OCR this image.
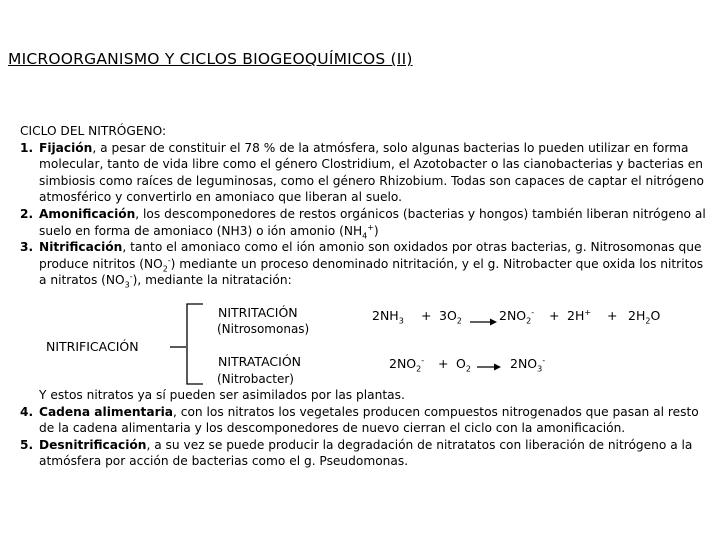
MICROORGANISMO Y CICLOS BIOGEOQUÍMICOS (II)

CICLO DEL NITRÓGENO:

1. Fijación, a pesar de constituir el 78 % de la atmósfera, solo algunas bacterias lo pueden utilizar en forma molecular, tanto de vida libre como el género Clostridium, el Azotobacter o las cianobacterias y bacterias en simbiosis como raíces de leguminosas, como el género Rhizobium. Todas son capaces de captar el nitrógeno atmosférico y convertirlo en amoniaco que liberan al suelo.

2. Amonificación, los descomponedores de restos orgánicos (bacterias y hongos) también liberan nitrógeno al suelo en forma de amoniaco (NH3) o ión amonio $(NH_4^+)$

3. Nitrificación, tanto el amoniaco como el ión amonio son oxidados por otras bacterias, g. Nitrosomonas que produce nitritos $(NO_2^-)$ mediante un proceso denominado nitritación, y el g. Nitrobacter que oxida los nitritos a nitratos $(NO_3^-)$, mediante la nitratación:

NITRIFICACIÓN
NITRITACIÓN
(Nitrosomonas)
NITRATACIÓN
(Nitrobacter)
$2NH_3 + 3O_2$	$2NO_2^- + 2H^+ + 2H_2O$
$2NO_2^- + O_2$	$2NO_3^-$

Y estos nitratos ya sí pueden ser asimilados por las plantas.

4. Cadena alimentaria, con los nitratos los vegetales producen compuestos nitrogenados que pasan al resto de la cadena alimentaria y los descomponedores de nuevo cierran el ciclo con la amonificación.

5. Desnitrificación, a su vez se puede producir la degradación de nitratatos con liberación de nitrógeno a la atmósfera por acción de bacterias como el g. Pseudomonas.
